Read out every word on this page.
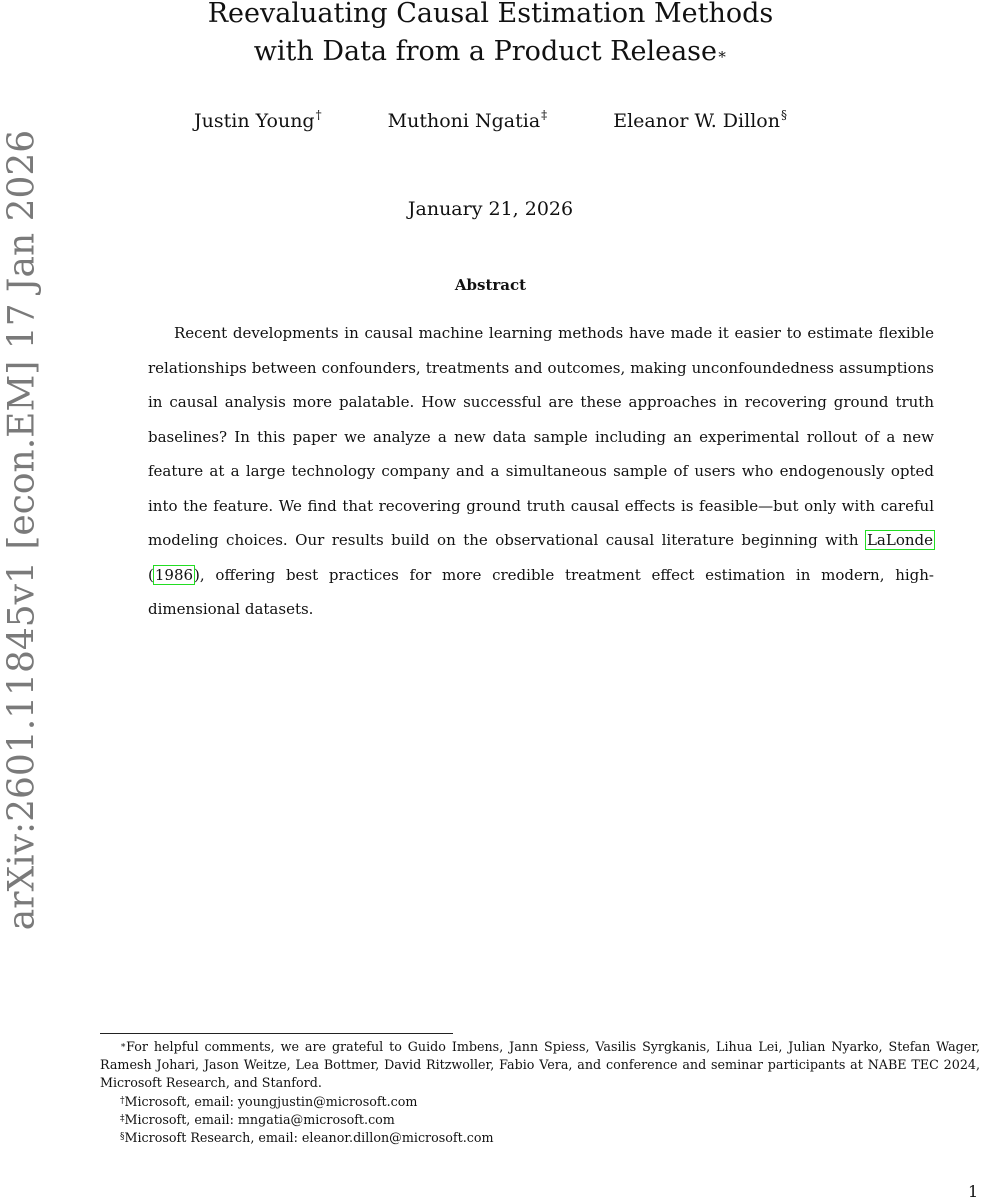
arXiv:2601.11845v1 [econ.EM] 17 Jan 2026
Reevaluating Causal Estimation Methods
with Data from a Product Release∗
Justin Young†	Muthoni Ngatia‡	Eleanor W. Dillon§
January 21, 2026
Abstract

Recent developments in causal machine learning methods have made it easier to estimate flexible relationships between confounders, treatments and outcomes, making unconfoundedness assumptions in causal analysis more palatable. How successful are these approaches in recovering ground truth baselines? In this paper we analyze a new data sample including an experimental rollout of a new feature at a large technology company and a simultaneous sample of users who endogenously opted into the feature. We find that recovering ground truth causal effects is feasible—but only with careful modeling choices. Our results build on the observational causal literature beginning with LaLonde (1986), offering best practices for more credible treatment effect estimation in modern, high-dimensional datasets.

∗For helpful comments, we are grateful to Guido Imbens, Jann Spiess, Vasilis Syrgkanis, Lihua Lei, Julian Nyarko, Stefan Wager, Ramesh Johari, Jason Weitze, Lea Bottmer, David Ritzwoller, Fabio Vera, and conference and seminar participants at NABE TEC 2024, Microsoft Research, and Stanford.

†Microsoft, email: youngjustin@microsoft.com

‡Microsoft, email: mngatia@microsoft.com

§Microsoft Research, email: eleanor.dillon@microsoft.com

1
